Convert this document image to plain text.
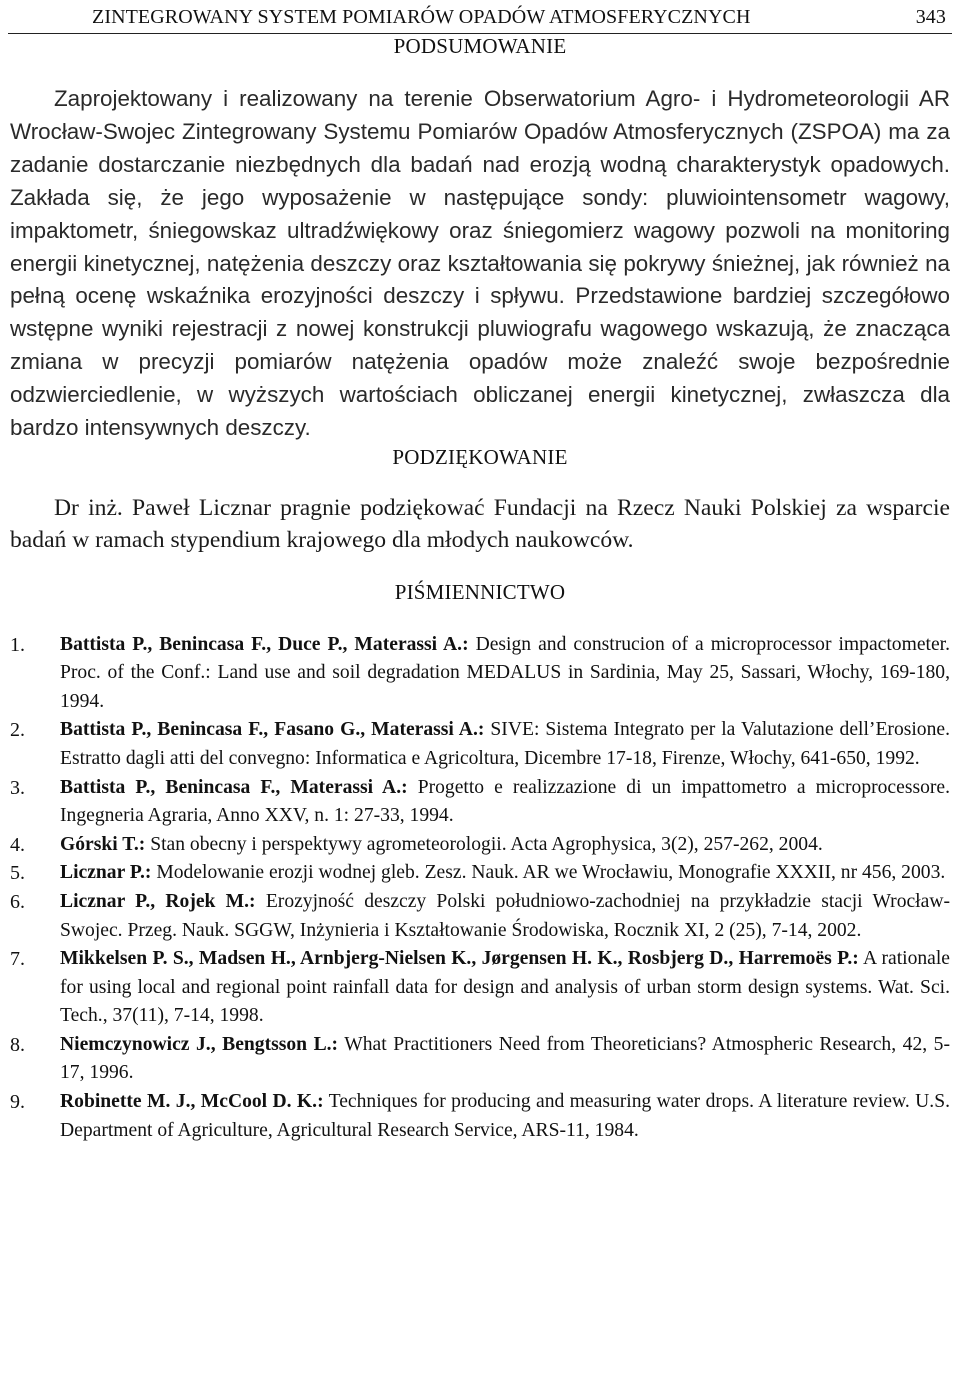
ZINTEGROWANY SYSTEM POMIARÓW OPADÓW ATMOSFERYCZNYCH	343
PODSUMOWANIE

Zaprojektowany i realizowany na terenie Obserwatorium Agro- i Hydrometeorologii AR Wrocław-Swojec Zintegrowany Systemu Pomiarów Opadów Atmosferycznych (ZSPOA) ma za zadanie dostarczanie niezbędnych dla badań nad erozją wodną charakterystyk opadowych. Zakłada się, że jego wyposażenie w następujące sondy: pluwiointensometr wagowy, impaktometr, śniegowskaz ultradźwiękowy oraz śniegomierz wagowy pozwoli na monitoring energii kinetycznej, natężenia deszczy oraz kształtowania się pokrywy śnieżnej, jak również na pełną ocenę wskaźnika erozyjności deszczy i spływu. Przedstawione bardziej szczegółowo wstępne wyniki rejestracji z nowej konstrukcji pluwiografu wagowego wskazują, że znacząca zmiana w precyzji pomiarów natężenia opadów może znaleźć swoje bezpośrednie odzwierciedlenie, w wyższych wartościach obliczanej energii kinetycznej, zwłaszcza dla bardzo intensywnych deszczy.

PODZIĘKOWANIE

Dr inż. Paweł Licznar pragnie podziękować Fundacji na Rzecz Nauki Polskiej za wsparcie badań w ramach stypendium krajowego dla młodych naukowców.

PIŚMIENNICTWO
1. Battista P., Benincasa F., Duce P., Materassi A.: Design and construcion of a microprocessor impactometer. Proc. of the Conf.: Land use and soil degradation MEDALUS in Sardinia, May 25, Sassari, Włochy, 169-180, 1994.
2. Battista P., Benincasa F., Fasano G., Materassi A.: SIVE: Sistema Integrato per la Valutazione dell’Erosione. Estratto dagli atti del convegno: Informatica e Agricoltura, Dicembre 17-18, Firenze, Włochy, 641-650, 1992.
3. Battista P., Benincasa F., Materassi A.: Progetto e realizzazione di un impattometro a microprocessore. Ingegneria Agraria, Anno XXV, n. 1: 27-33, 1994.
4. Górski T.: Stan obecny i perspektywy agrometeorologii. Acta Agrophysica, 3(2), 257-262, 2004.
5. Licznar P.: Modelowanie erozji wodnej gleb. Zesz. Nauk. AR we Wrocławiu, Monografie XXXII, nr 456, 2003.
6. Licznar P., Rojek M.: Erozyjność deszczy Polski południowo-zachodniej na przykładzie stacji Wrocław-Swojec. Przeg. Nauk. SGGW, Inżynieria i Kształtowanie Środowiska, Rocznik XI, 2 (25), 7-14, 2002.
7. Mikkelsen P. S., Madsen H., Arnbjerg-Nielsen K., Jørgensen H. K., Rosbjerg D., Harremoës P.: A rationale for using local and regional point rainfall data for design and analysis of urban storm design systems. Wat. Sci. Tech., 37(11), 7-14, 1998.
8. Niemczynowicz J., Bengtsson L.: What Practitioners Need from Theoreticians? Atmospheric Research, 42, 5-17, 1996.
9. Robinette M. J., McCool D. K.: Techniques for producing and measuring water drops. A literature review. U.S. Department of Agriculture, Agricultural Research Service, ARS-11, 1984.
